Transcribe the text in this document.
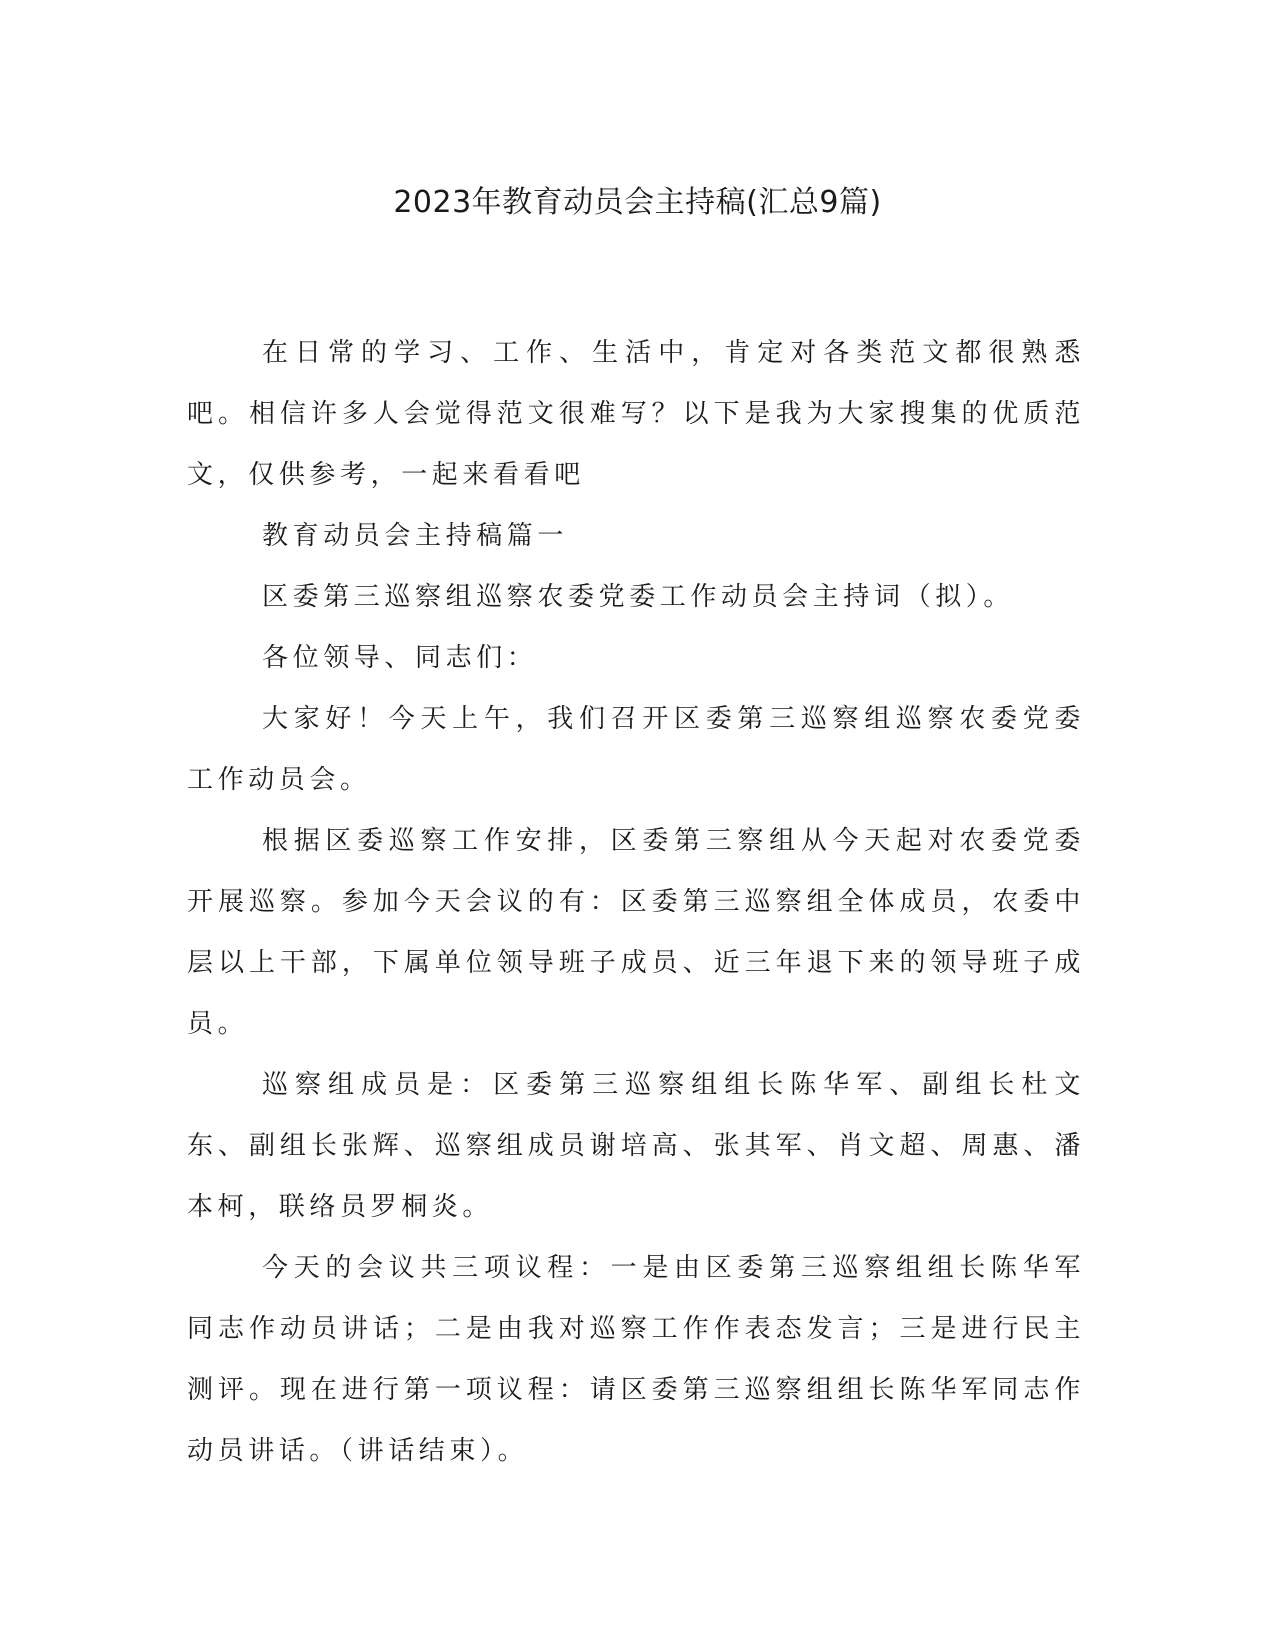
2023年教育动员会主持稿(汇总9篇)

在日常的学习、工作、生活中，肯定对各类范文都很熟悉吧。相信许多人会觉得范文很难写？以下是我为大家搜集的优质范文，仅供参考，一起来看看吧

教育动员会主持稿篇一

区委第三巡察组巡察农委党委工作动员会主持词（拟）。

各位领导、同志们：

大家好！今天上午，我们召开区委第三巡察组巡察农委党委工作动员会。

根据区委巡察工作安排，区委第三察组从今天起对农委党委开展巡察。参加今天会议的有：区委第三巡察组全体成员，农委中层以上干部，下属单位领导班子成员、近三年退下来的领导班子成员。

巡察组成员是：区委第三巡察组组长陈华军、副组长杜文东、副组长张辉、巡察组成员谢培高、张其军、肖文超、周惠、潘本柯，联络员罗桐炎。

今天的会议共三项议程：一是由区委第三巡察组组长陈华军同志作动员讲话；二是由我对巡察工作作表态发言；三是进行民主测评。现在进行第一项议程：请区委第三巡察组组长陈华军同志作动员讲话。（讲话结束）。
